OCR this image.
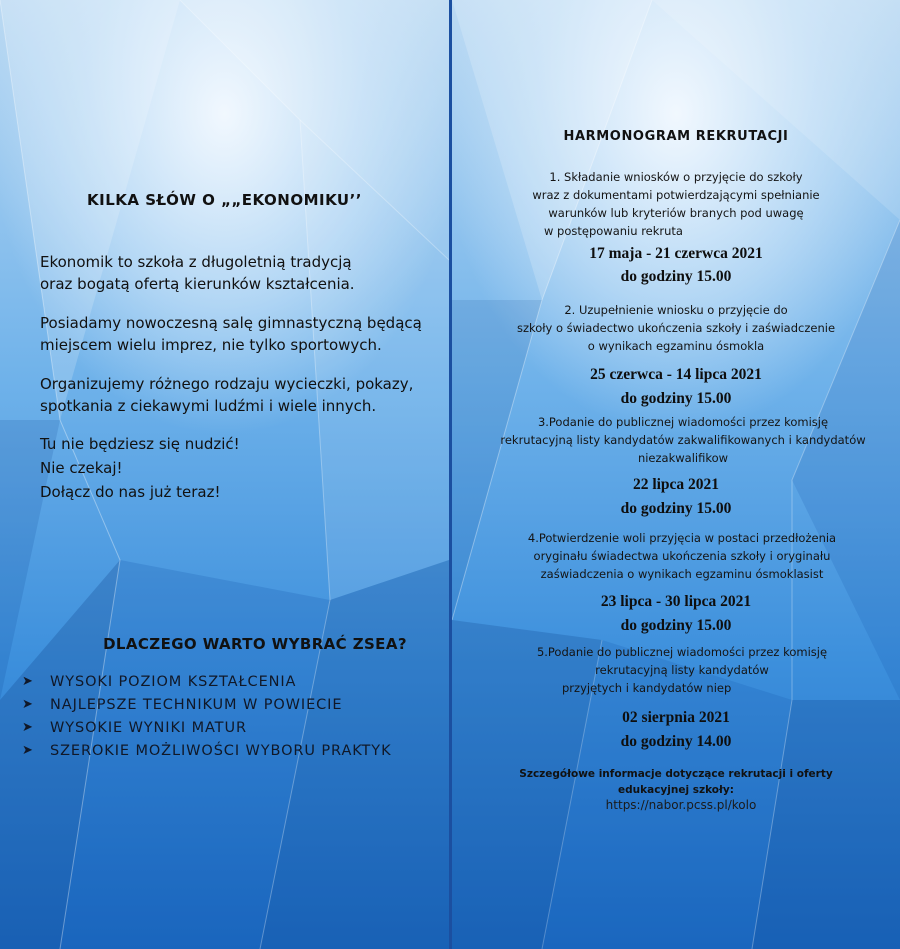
KILKA SŁÓW O „„EKONOMIKU’’
Ekonomik to szkoła z długoletnią tradycją
oraz bogatą ofertą kierunków kształcenia.
Posiadamy nowoczesną salę gimnastyczną będącą
miejscem wielu imprez, nie tylko sportowych.
Organizujemy różnego rodzaju wycieczki, pokazy,
spotkania z ciekawymi ludźmi i wiele innych.
Tu nie będziesz się nudzić!
Nie czekaj!
Dołącz do nas już teraz!
DLACZEGO WARTO WYBRAĆ ZSEA?
➤	WYSOKI POZIOM KSZTAŁCENIA
➤	NAJLEPSZE TECHNIKUM W POWIECIE
➤	WYSOKIE WYNIKI MATUR
➤	SZEROKIE MOŻLIWOŚCI WYBORU PRAKTYK
HARMONOGRAM REKRUTACJI
1. Składanie wniosków o przyjęcie do szkoły
wraz z dokumentami potwierdzającymi spełnianie
warunków lub kryteriów branych pod uwagę
w postępowaniu rekruta
17 maja - 21 czerwca 2021
do godziny 15.00
2. Uzupełnienie wniosku o przyjęcie do
szkoły o świadectwo ukończenia szkoły i zaświadczenie
o wynikach egzaminu ósmokla
25 czerwca - 14 lipca 2021
do godziny 15.00
3.Podanie do publicznej wiadomości przez komisję
rekrutacyjną listy kandydatów zakwalifikowanych i kandydatów
niezakwalifikow
22 lipca 2021
do godziny 15.00
4.Potwierdzenie woli przyjęcia w postaci przedłożenia
oryginału świadectwa ukończenia szkoły i oryginału
zaświadczenia o wynikach egzaminu ósmoklasist
23 lipca - 30 lipca 2021
do godziny 15.00
5.Podanie do publicznej wiadomości przez komisję
rekrutacyjną listy kandydatów
przyjętych i kandydatów niep
02 sierpnia 2021
do godziny 14.00
Szczegółowe informacje dotyczące rekrutacji i oferty
edukacyjnej szkoły:
https://nabor.pcss.pl/kolo
